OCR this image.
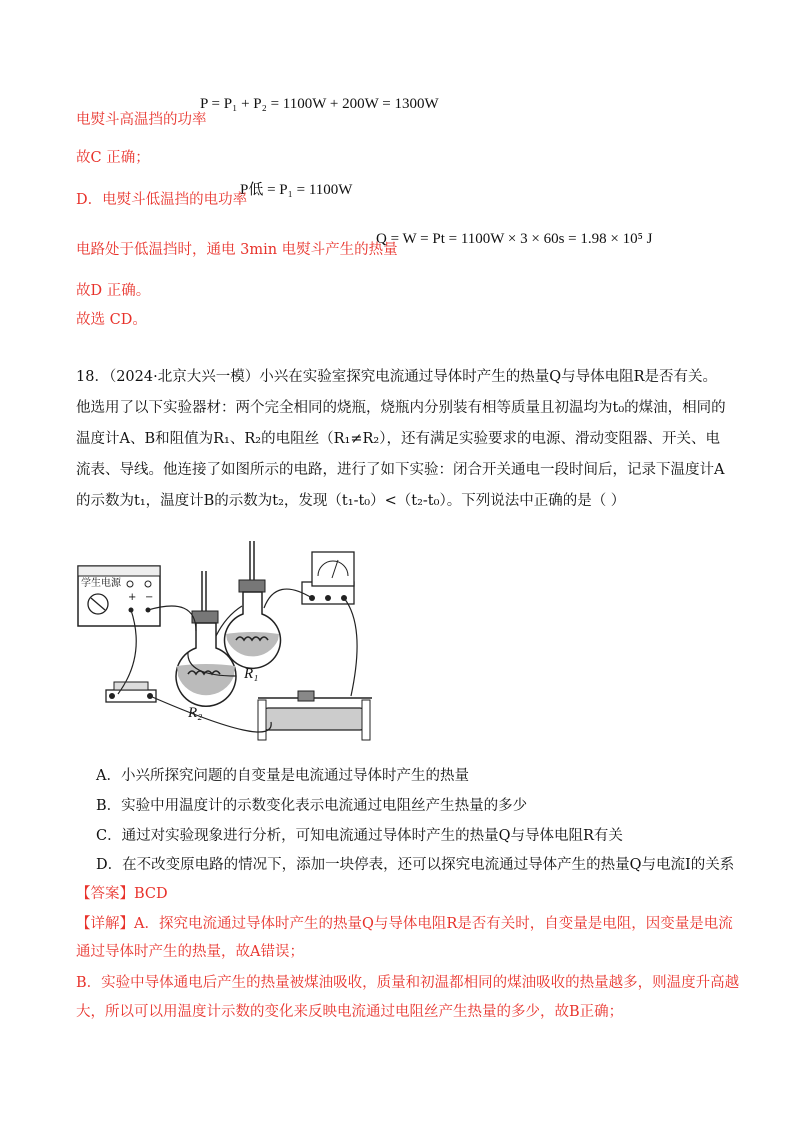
P = P₁ + P₂ = 1100W + 200W = 1300W
电熨斗高温挡的功率
故C 正确；
P低 = P₁ = 1100W
D．电熨斗低温挡的电功率
Q = W = Pt = 1100W × 3 × 60s = 1.98 × 10⁵ J
电路处于低温挡时，通电 3min 电熨斗产生的热量
故D 正确。
故选 CD。
18．（2024·北京大兴一模）小兴在实验室探究电流通过导体时产生的热量Q与导体电阻R是否有关。他选用了以下实验器材：两个完全相同的烧瓶，烧瓶内分别装有相等质量且初温均为t₀的煤油，相同的温度计A、B和阻值为R₁、R₂的电阻丝（R₁≠R₂），还有满足实验要求的电源、滑动变阻器、开关、电流表、导线。他连接了如图所示的电路，进行了如下实验：闭合开关通电一段时间后，记录下温度计A的示数为t₁，温度计B的示数为t₂，发现（t₁-t₀）<（t₂-t₀）。下列说法中正确的是（ ）
学生电源
+ −
R₂
R₁
A．小兴所探究问题的自变量是电流通过导体时产生的热量
B．实验中用温度计的示数变化表示电流通过电阻丝产生热量的多少
C．通过对实验现象进行分析，可知电流通过导体时产生的热量Q与导体电阻R有关
D．在不改变原电路的情况下，添加一块停表，还可以探究电流通过导体产生的热量Q与电流I的关系
【答案】BCD
【详解】A．探究电流通过导体时产生的热量Q与导体电阻R是否有关时，自变量是电阻，因变量是电流
通过导体时产生的热量，故A错误；
B．实验中导体通电后产生的热量被煤油吸收，质量和初温都相同的煤油吸收的热量越多，则温度升高越
大，所以可以用温度计示数的变化来反映电流通过电阻丝产生热量的多少，故B正确；
